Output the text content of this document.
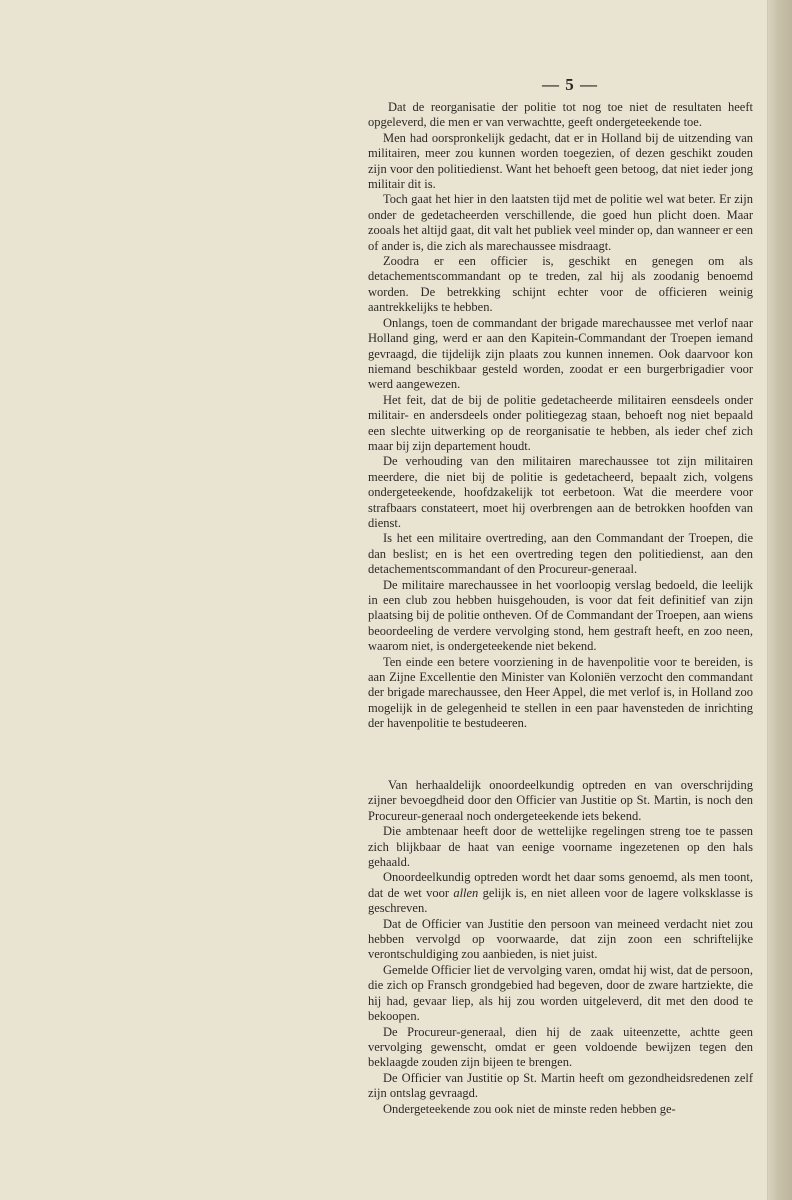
— 5 —

Dat de reorganisatie der politie tot nog toe niet de resultaten heeft opgeleverd, die men er van verwachtte, geeft ondergeteekende toe.

Men had oorspronkelijk gedacht, dat er in Holland bij de uitzending van militairen, meer zou kunnen worden toegezien, of dezen geschikt zouden zijn voor den politiedienst. Want het behoeft geen betoog, dat niet ieder jong militair dit is.

Toch gaat het hier in den laatsten tijd met de politie wel wat beter. Er zijn onder de gedetacheerden verschillende, die goed hun plicht doen. Maar zooals het altijd gaat, dit valt het publiek veel minder op, dan wanneer er een of ander is, die zich als marechaussee misdraagt.

Zoodra er een officier is, geschikt en genegen om als detachementscommandant op te treden, zal hij als zoodanig benoemd worden. De betrekking schijnt echter voor de officieren weinig aantrekkelijks te hebben.

Onlangs, toen de commandant der brigade marechaussee met verlof naar Holland ging, werd er aan den Kapitein-Commandant der Troepen iemand gevraagd, die tijdelijk zijn plaats zou kunnen innemen. Ook daarvoor kon niemand beschikbaar gesteld worden, zoodat er een burgerbrigadier voor werd aangewezen.

Het feit, dat de bij de politie gedetacheerde militairen eensdeels onder militair- en andersdeels onder politiegezag staan, behoeft nog niet bepaald een slechte uitwerking op de reorganisatie te hebben, als ieder chef zich maar bij zijn departement houdt.

De verhouding van den militairen marechaussee tot zijn militairen meerdere, die niet bij de politie is gedetacheerd, bepaalt zich, volgens ondergeteekende, hoofdzakelijk tot eerbetoon. Wat die meerdere voor strafbaars constateert, moet hij overbrengen aan de betrokken hoofden van dienst.

Is het een militaire overtreding, aan den Commandant der Troepen, die dan beslist; en is het een overtreding tegen den politiedienst, aan den detachementscommandant of den Procureur-generaal.

De militaire marechaussee in het voorloopig verslag bedoeld, die leelijk in een club zou hebben huisgehouden, is voor dat feit definitief van zijn plaatsing bij de politie ontheven. Of de Commandant der Troepen, aan wiens beoordeeling de verdere vervolging stond, hem gestraft heeft, en zoo neen, waarom niet, is ondergeteekende niet bekend.

Ten einde een betere voorziening in de havenpolitie voor te bereiden, is aan Zijne Excellentie den Minister van Koloniën verzocht den commandant der brigade marechaussee, den Heer Appel, die met verlof is, in Holland zoo mogelijk in de gelegenheid te stellen in een paar havensteden de inrichting der havenpolitie te bestudeeren.

Van herhaaldelijk onoordeelkundig optreden en van overschrijding zijner bevoegdheid door den Officier van Justitie op St. Martin, is noch den Procureur-generaal noch ondergeteekende iets bekend.

Die ambtenaar heeft door de wettelijke regelingen streng toe te passen zich blijkbaar de haat van eenige voorname ingezetenen op den hals gehaald.

Onoordeelkundig optreden wordt het daar soms genoemd, als men toont, dat de wet voor allen gelijk is, en niet alleen voor de lagere volksklasse is geschreven.

Dat de Officier van Justitie den persoon van meineed verdacht niet zou hebben vervolgd op voorwaarde, dat zijn zoon een schriftelijke verontschuldiging zou aanbieden, is niet juist.

Gemelde Officier liet de vervolging varen, omdat hij wist, dat de persoon, die zich op Fransch grondgebied had begeven, door de zware hartziekte, die hij had, gevaar liep, als hij zou worden uitgeleverd, dit met den dood te bekoopen.

De Procureur-generaal, dien hij de zaak uiteenzette, achtte geen vervolging gewenscht, omdat er geen voldoende bewijzen tegen den beklaagde zouden zijn bijeen te brengen.

De Officier van Justitie op St. Martin heeft om gezondheidsredenen zelf zijn ontslag gevraagd.

Ondergeteekende zou ook niet de minste reden hebben ge-
